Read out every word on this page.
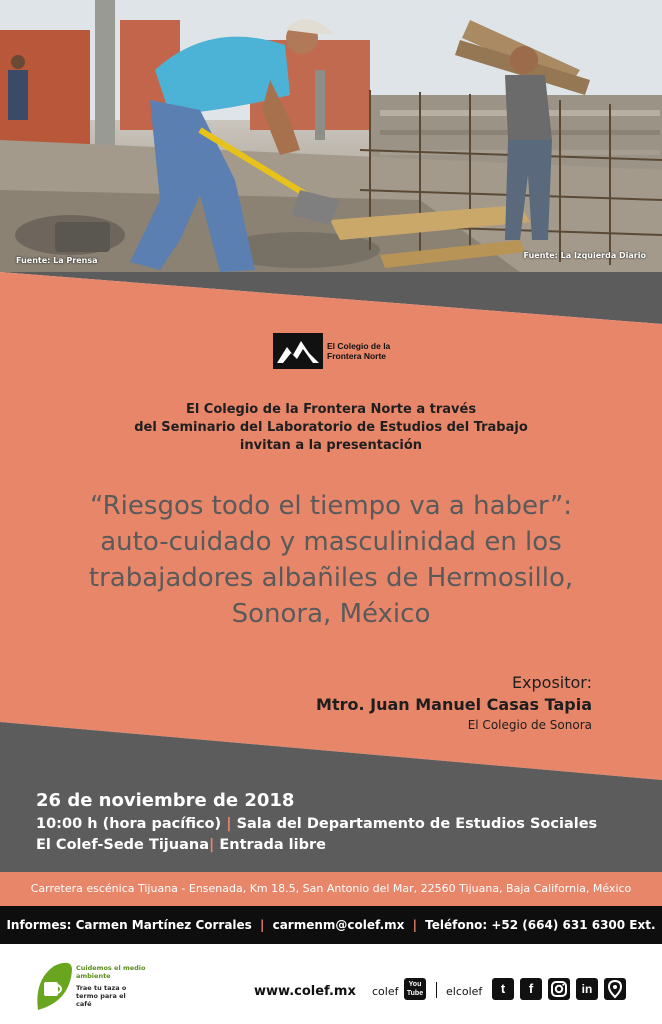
Fuente: La Prensa
Fuente: La Izquierda Diario
El Colegio de la Frontera Norte
El Colegio de la Frontera Norte a través
del Seminario del Laboratorio de Estudios del Trabajo
invitan a la presentación
“Riesgos todo el tiempo va a haber”:
auto-cuidado y masculinidad en los
trabajadores albañiles de Hermosillo,
Sonora, México
Expositor:
Mtro. Juan Manuel Casas Tapia
El Colegio de Sonora
26 de noviembre de 2018
10:00 h (hora pacífico) | Sala del Departamento de Estudios Sociales
El Colef-Sede Tijuana| Entrada libre
Carretera escénica Tijuana - Ensenada, Km 18.5, San Antonio del Mar, 22560 Tijuana, Baja California, México
Informes: Carmen Martínez Corrales | carmenm@colef.mx | Teléfono: +52 (664) 631 6300 Ext.
Cuidemos el medio ambiente
Trae tu taza o termo para el café
www.colef.mx colef
You Tube elcolef	t	f	in
